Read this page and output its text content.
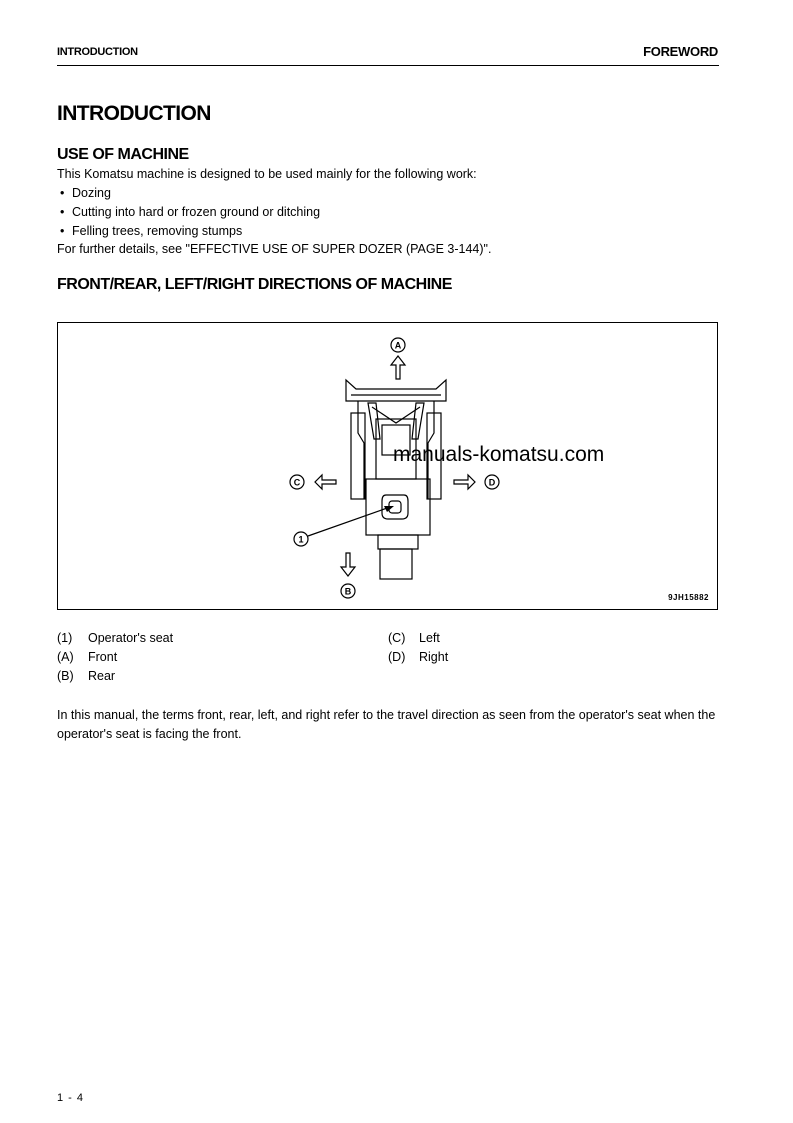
INTRODUCTION	FOREWORD
INTRODUCTION
USE OF MACHINE
This Komatsu machine is designed to be used mainly for the following work:
• Dozing
• Cutting into hard or frozen ground or ditching
• Felling trees, removing stumps
For further details, see "EFFECTIVE USE OF SUPER DOZER (PAGE 3-144)".
FRONT/REAR, LEFT/RIGHT DIRECTIONS OF MACHINE
A
B
C	D
1
manuals-komatsu.com
9JH15882
(1) Operator's seat
(A) Front
(B) Rear
(C) Left
(D) Right
In this manual, the terms front, rear, left, and right refer to the travel direction as seen from the operator's seat when the operator's seat is facing the front.
1 - 4
